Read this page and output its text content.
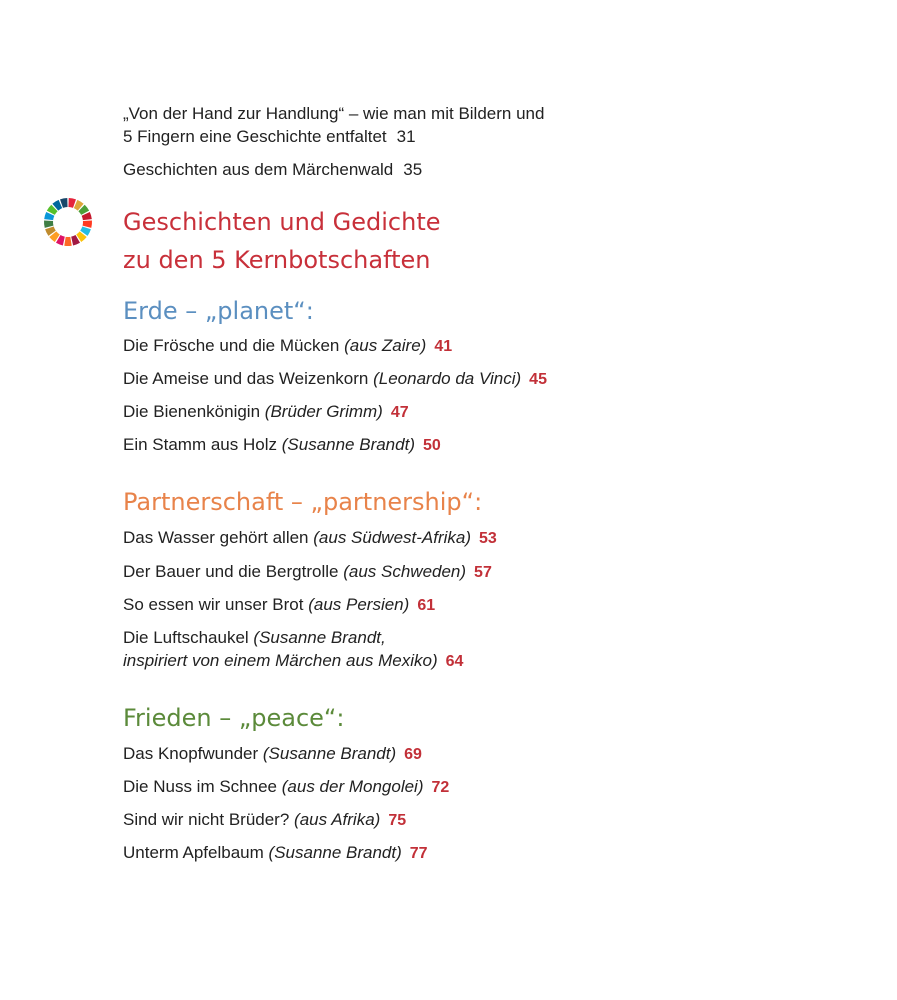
„Von der Hand zur Handlung“ – wie man mit Bildern und
5 Fingern eine Geschichte entfaltet 31
Geschichten aus dem Märchenwald 35
Geschichten und Gedichte
zu den 5 Kernbotschaften
Erde – „planet“:
Die Frösche und die Mücken (aus Zaire) 41
Die Ameise und das Weizenkorn (Leonardo da Vinci) 45
Die Bienenkönigin (Brüder Grimm) 47
Ein Stamm aus Holz (Susanne Brandt) 50
Partnerschaft – „partnership“:
Das Wasser gehört allen (aus Südwest-Afrika) 53
Der Bauer und die Bergtrolle (aus Schweden) 57
So essen wir unser Brot (aus Persien) 61
Die Luftschaukel (Susanne Brandt,
inspiriert von einem Märchen aus Mexiko) 64
Frieden – „peace“:
Das Knopfwunder (Susanne Brandt) 69
Die Nuss im Schnee (aus der Mongolei) 72
Sind wir nicht Brüder? (aus Afrika) 75
Unterm Apfelbaum (Susanne Brandt) 77
